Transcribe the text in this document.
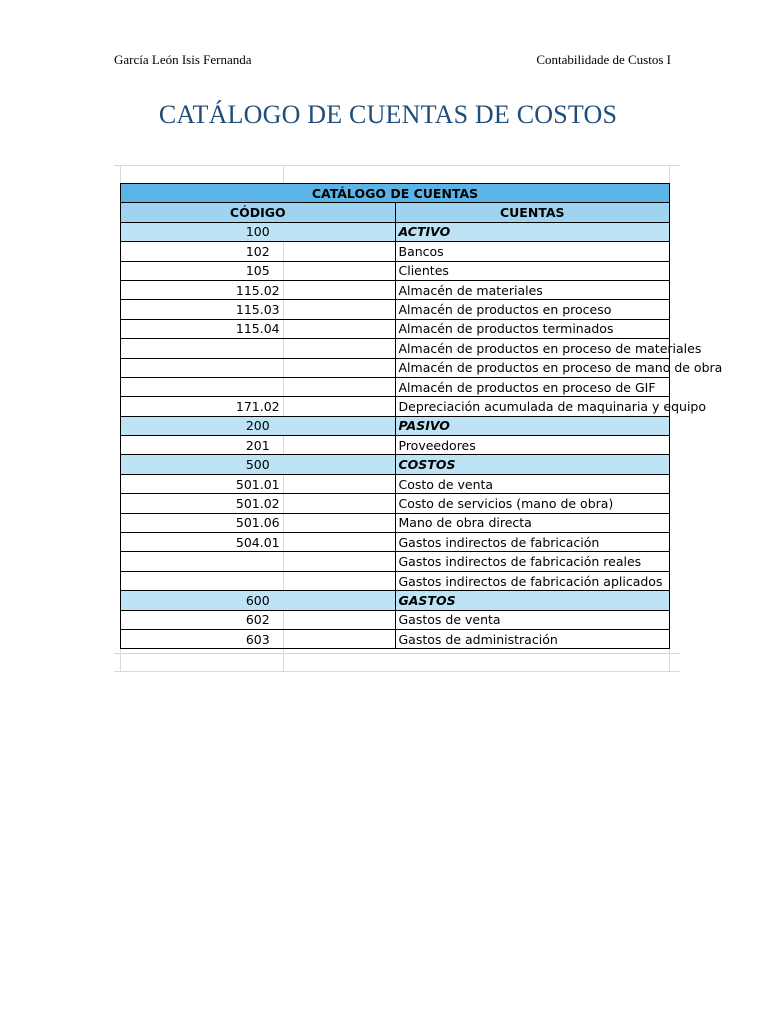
García León Isis Fernanda	Contabilidade de Custos I
CATÁLOGO DE CUENTAS DE COSTOS
CATÁLOGO DE CUENTAS	
CÓDIGO	CUENTAS
100	ACTIVO
102	Bancos
105	Clientes
115.02	Almacén de materiales
115.03	Almacén de productos en proceso
115.04	Almacén de productos terminados
	Almacén de productos en proceso de materiales
	Almacén de productos en proceso de mano de obra
	Almacén de productos en proceso de GIF
171.02	Depreciación acumulada de maquinaria y equipo
200	PASIVO
201	Proveedores
500	COSTOS
501.01	Costo de venta
501.02	Costo de servicios (mano de obra)
501.06	Mano de obra directa
504.01	Gastos indirectos de fabricación
	Gastos indirectos de fabricación reales
	Gastos indirectos de fabricación aplicados
600	GASTOS
602	Gastos de venta
603	Gastos de administración
